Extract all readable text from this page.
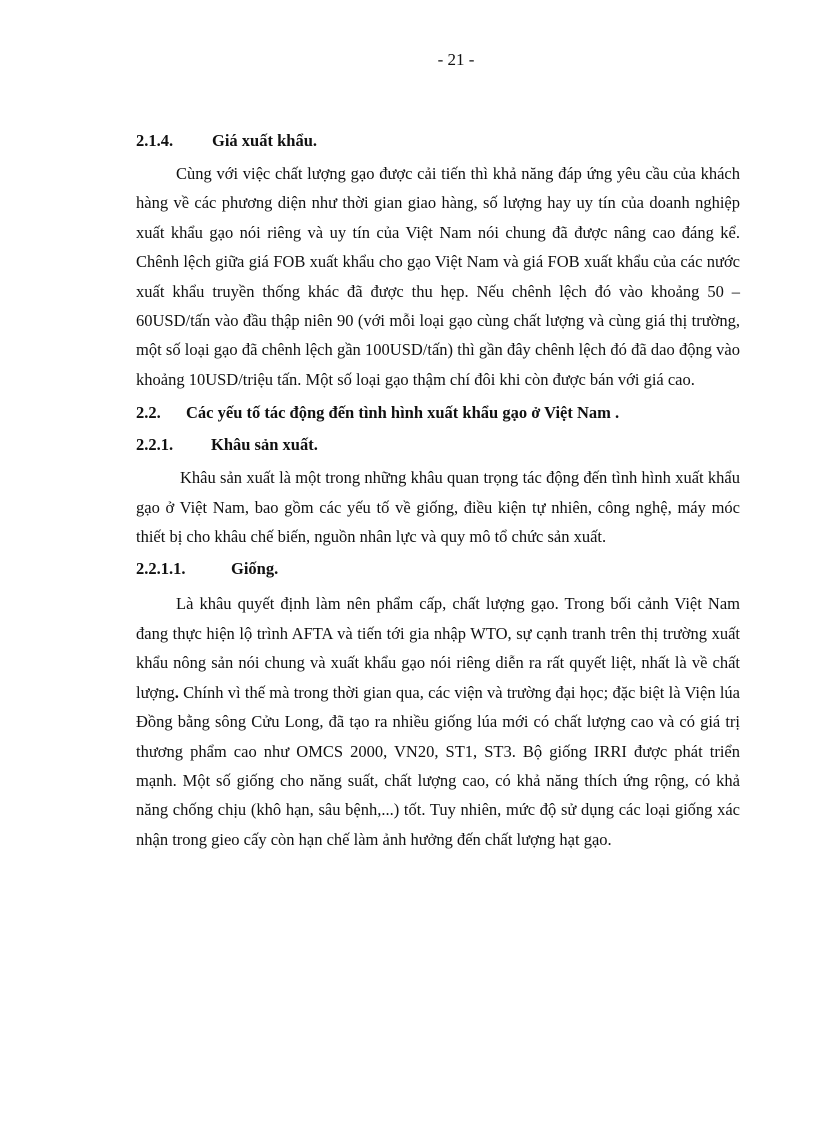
- 21 -
2.1.4. Giá xuất khẩu.

Cùng với việc chất lượng gạo được cải tiến thì khả năng đáp ứng yêu cầu của khách hàng về các phương diện như thời gian giao hàng, số lượng hay uy tín của doanh nghiệp xuất khẩu gạo nói riêng và uy tín của Việt Nam nói chung đã được nâng cao đáng kể. Chênh lệch giữa giá FOB xuất khẩu cho gạo Việt Nam và giá FOB xuất khẩu của các nước xuất khẩu truyền thống khác đã được thu hẹp. Nếu chênh lệch đó vào khoảng 50 – 60USD/tấn vào đầu thập niên 90 (với mỗi loại gạo cùng chất lượng và cùng giá thị trường, một số loại gạo đã chênh lệch gần 100USD/tấn) thì gần đây chênh lệch đó đã dao động vào khoảng 10USD/triệu tấn. Một số loại gạo thậm chí đôi khi còn được bán với giá cao.

2.2. Các yếu tố tác động đến tình hình xuất khẩu gạo ở Việt Nam .
2.2.1. Khâu sản xuất.

Khâu sản xuất là một trong những khâu quan trọng tác động đến tình hình xuất khẩu gạo ở Việt Nam, bao gồm các yếu tố về giống, điều kiện tự nhiên, công nghệ, máy móc thiết bị cho khâu chế biến, nguồn nhân lực và quy mô tổ chức sản xuất.

2.2.1.1.	Giống.

Là khâu quyết định làm nên phẩm cấp, chất lượng gạo. Trong bối cảnh Việt Nam đang thực hiện lộ trình AFTA và tiến tới gia nhập WTO, sự cạnh tranh trên thị trường xuất khẩu nông sản nói chung và xuất khẩu gạo nói riêng diễn ra rất quyết liệt, nhất là về chất lượng. Chính vì thế mà trong thời gian qua, các viện và trường đại học; đặc biệt là Viện lúa Đồng bằng sông Cửu Long, đã tạo ra nhiều giống lúa mới có chất lượng cao và có giá trị thương phẩm cao như OMCS 2000, VN20, ST1, ST3. Bộ giống IRRI được phát triển mạnh. Một số giống cho năng suất, chất lượng cao, có khả năng thích ứng rộng, có khả năng chống chịu (khô hạn, sâu bệnh,...) tốt. Tuy nhiên, mức độ sử dụng các loại giống xác nhận trong gieo cấy còn hạn chế làm ảnh hưởng đến chất lượng hạt gạo.
